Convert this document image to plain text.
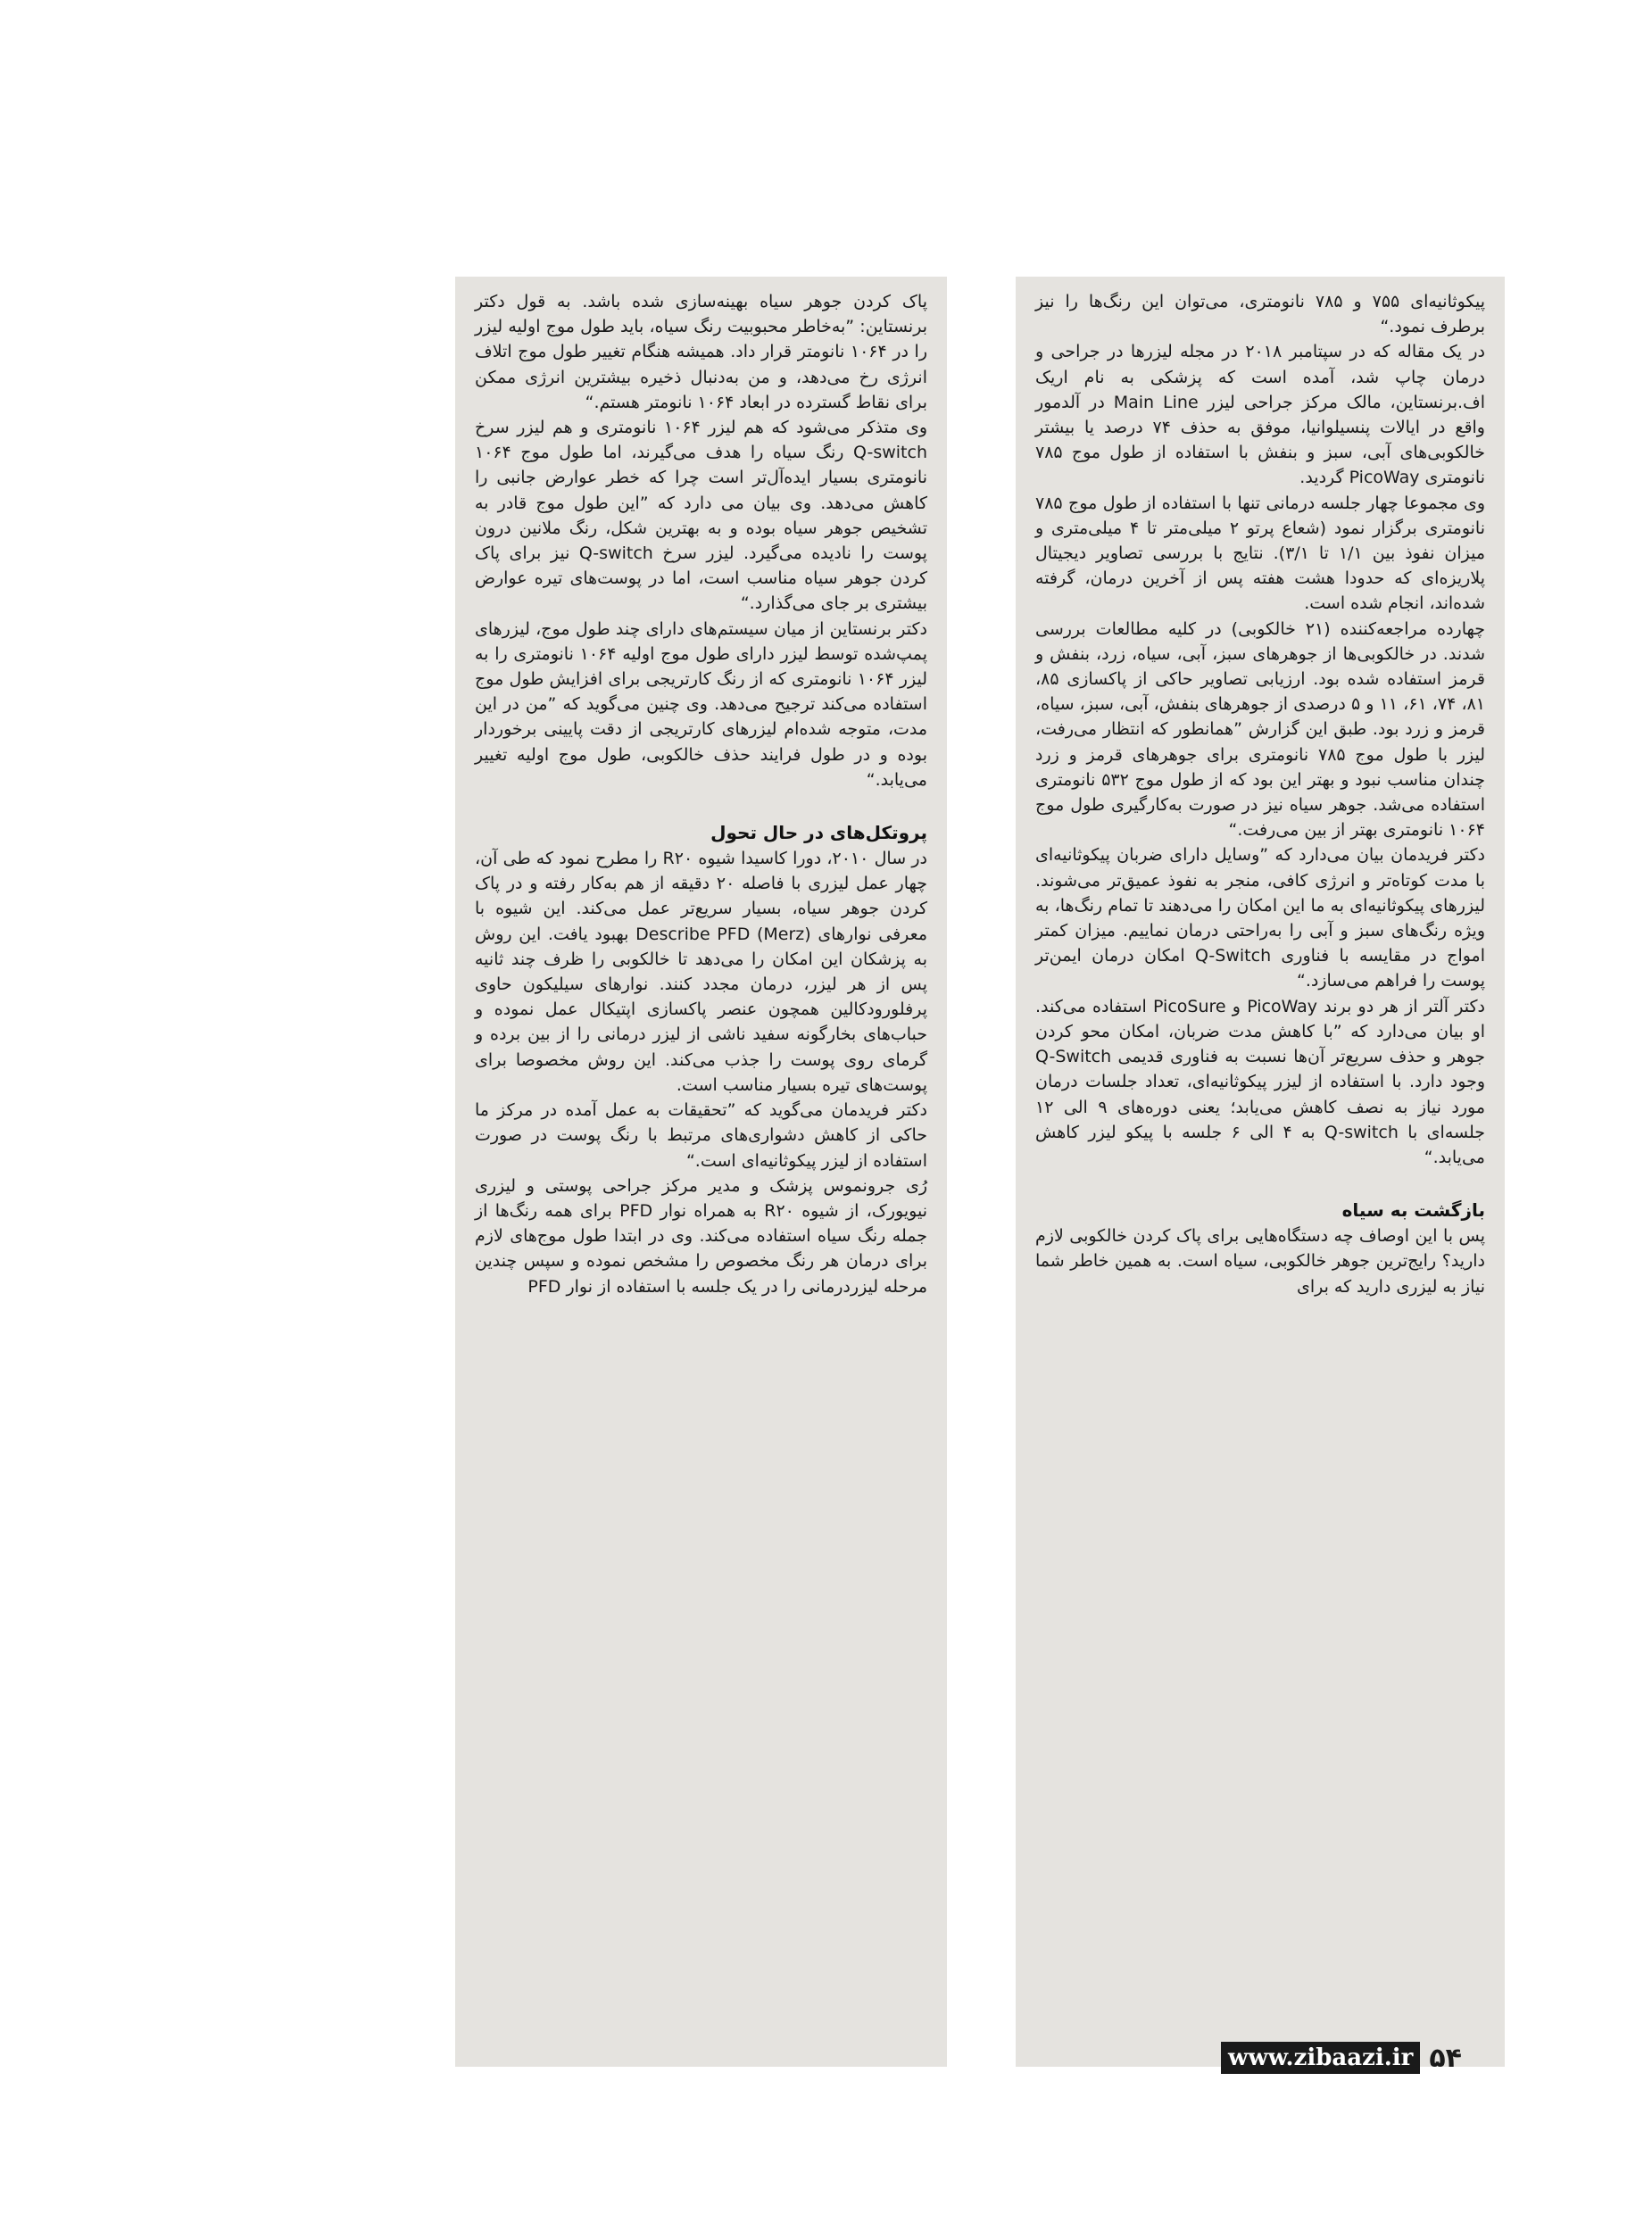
پیکوثانیه‌ای ۷۵۵ و ۷۸۵ نانومتری، می‌توان این رنگ‌ها را نیز برطرف نمود.“

در یک مقاله که در سپتامبر ۲۰۱۸ در مجله لیزرها در جراحی و درمان چاپ شد، آمده است که پزشکی به نام اریک اف.برنستاین، مالک مرکز جراحی لیزر Main Line در آلدمور واقع در ایالات پنسیلوانیا، موفق به حذف ۷۴ درصد یا بیشتر خالکوبی‌های آبی، سبز و بنفش با استفاده از طول موج ۷۸۵ نانومتری PicoWay گردید.

وی مجموعا چهار جلسه درمانی تنها با استفاده از طول موج ۷۸۵ نانومتری برگزار نمود (شعاع پرتو ۲ میلی‌متر تا ۴ میلی‌متری و میزان نفوذ بین ۱/۱ تا ۳/۱). نتایج با بررسی تصاویر دیجیتال پلاریزه‌ای که حدودا هشت هفته پس از آخرین درمان، گرفته شده‌اند، انجام شده است.

چهارده مراجعه‌کننده (۲۱ خالکوبی) در کلیه مطالعات بررسی شدند. در خالکوبی‌ها از جوهرهای سبز، آبی، سیاه، زرد، بنفش و قرمز استفاده شده بود. ارزیابی تصاویر حاکی از پاکسازی ۸۵، ۸۱، ۷۴، ۶۱، ۱۱ و ۵ درصدی از جوهرهای بنفش، آبی، سبز، سیاه، قرمز و زرد بود. طبق این گزارش ”همانطور که انتظار می‌رفت، لیزر با طول موج ۷۸۵ نانومتری برای جوهرهای قرمز و زرد چندان مناسب نبود و بهتر این بود که از طول موج ۵۳۲ نانومتری استفاده می‌شد. جوهر سیاه نیز در صورت به‌کارگیری طول موج ۱۰۶۴ نانومتری بهتر از بین می‌رفت.“

دکتر فریدمان بیان می‌دارد که ”وسایل دارای ضربان پیکوثانیه‌ای با مدت کوتاه‌تر و انرژی کافی، منجر به نفوذ عمیق‌تر می‌شوند. لیزرهای پیکوثانیه‌ای به ما این امکان را می‌دهند تا تمام رنگ‌ها، به ویژه رنگ‌های سبز و آبی را به‌راحتی درمان نماییم. میزان کمتر امواج در مقایسه با فناوری Q-Switch امکان درمان ایمن‌تر پوست را فراهم می‌سازد.“

دکتر آلتر از هر دو برند PicoWay و PicoSure استفاده می‌کند. او بیان می‌دارد که ”با کاهش مدت ضربان، امکان محو کردن جوهر و حذف سریع‌تر آن‌ها نسبت به فناوری قدیمی Q-Switch وجود دارد. با استفاده از لیزر پیکوثانیه‌ای، تعداد جلسات درمان مورد نیاز به نصف کاهش می‌یابد؛ یعنی دوره‌های ۹ الی ۱۲ جلسه‌ای با Q-switch به ۴ الی ۶ جلسه با پیکو لیزر کاهش می‌یابد.“

بازگشت به سیاه

پس با این اوصاف چه دستگاه‌هایی برای پاک کردن خالکوبی لازم دارید؟ رایج‌ترین جوهر خالکوبی، سیاه است. به همین خاطر شما نیاز به لیزری دارید که برای

پاک کردن جوهر سیاه بهینه‌سازی شده باشد. به قول دکتر برنستاین: ”به‌خاطر محبوبیت رنگ سیاه، باید طول موج اولیه لیزر را در ۱۰۶۴ نانومتر قرار داد. همیشه هنگام تغییر طول موج اتلاف انرژی رخ می‌دهد، و من به‌دنبال ذخیره بیشترین انرژی ممکن برای نقاط گسترده در ابعاد ۱۰۶۴ نانومتر هستم.“

وی متذکر می‌شود که هم لیزر ۱۰۶۴ نانومتری و هم لیزر سرخ Q-switch رنگ سیاه را هدف می‌گیرند، اما طول موج ۱۰۶۴ نانومتری بسیار ایده‌آل‌تر است چرا که خطر عوارض جانبی را کاهش می‌دهد. وی بیان می دارد که ”این طول موج قادر به تشخیص جوهر سیاه بوده و به بهترین شکل، رنگ ملانین درون پوست را نادیده می‌گیرد. لیزر سرخ Q-switch نیز برای پاک کردن جوهر سیاه مناسب است، اما در پوست‌های تیره عوارض بیشتری بر جای می‌گذارد.“

دکتر برنستاین از میان سیستم‌های دارای چند طول موج، لیزرهای پمپ‌شده توسط لیزر دارای طول موج اولیه ۱۰۶۴ نانومتری را به لیزر ۱۰۶۴ نانومتری که از رنگ کارتریجی برای افزایش طول موج استفاده می‌کند ترجیح می‌دهد. وی چنین می‌گوید که ”من در این مدت، متوجه شده‌ام لیزرهای کارتریجی از دقت پایینی برخوردار بوده و در طول فرایند حذف خالکوبی، طول موج اولیه تغییر می‌یابد.“

پروتکل‌های در حال تحول

در سال ۲۰۱۰، دورا کاسیدا شیوه R۲۰ را مطرح نمود که طی آن، چهار عمل لیزری با فاصله ۲۰ دقیقه از هم به‌کار رفته و در پاک کردن جوهر سیاه، بسیار سریع‌تر عمل می‌کند. این شیوه با معرفی نوارهای Describe PFD (Merz) بهبود یافت. این روش به پزشکان این امکان را می‌دهد تا خالکوبی را ظرف چند ثانیه پس از هر لیزر، درمان مجدد کنند. نوارهای سیلیکون حاوی پرفلورودکالین همچون عنصر پاکسازی اپتیکال عمل نموده و حباب‌های بخارگونه سفید ناشی از لیزر درمانی را از بین برده و گرمای روی پوست را جذب می‌کند. این روش مخصوصا برای پوست‌های تیره بسیار مناسب است.

دکتر فریدمان می‌گوید که ”تحقیقات به عمل آمده در مرکز ما حاکی از کاهش دشواری‌های مرتبط با رنگ پوست در صورت استفاده از لیزر پیکوثانیه‌ای است.“

رُی جرونموس پزشک و مدیر مرکز جراحی پوستی و لیزری نیویورک، از شیوه R۲۰ به همراه نوار PFD برای همه رنگ‌ها از جمله رنگ سیاه استفاده می‌کند. وی در ابتدا طول موج‌های لازم برای درمان هر رنگ مخصوص را مشخص نموده و سپس چندین مرحله لیزردرمانی را در یک جلسه با استفاده از نوار PFD

www.zibaazi.ir ۵۴
